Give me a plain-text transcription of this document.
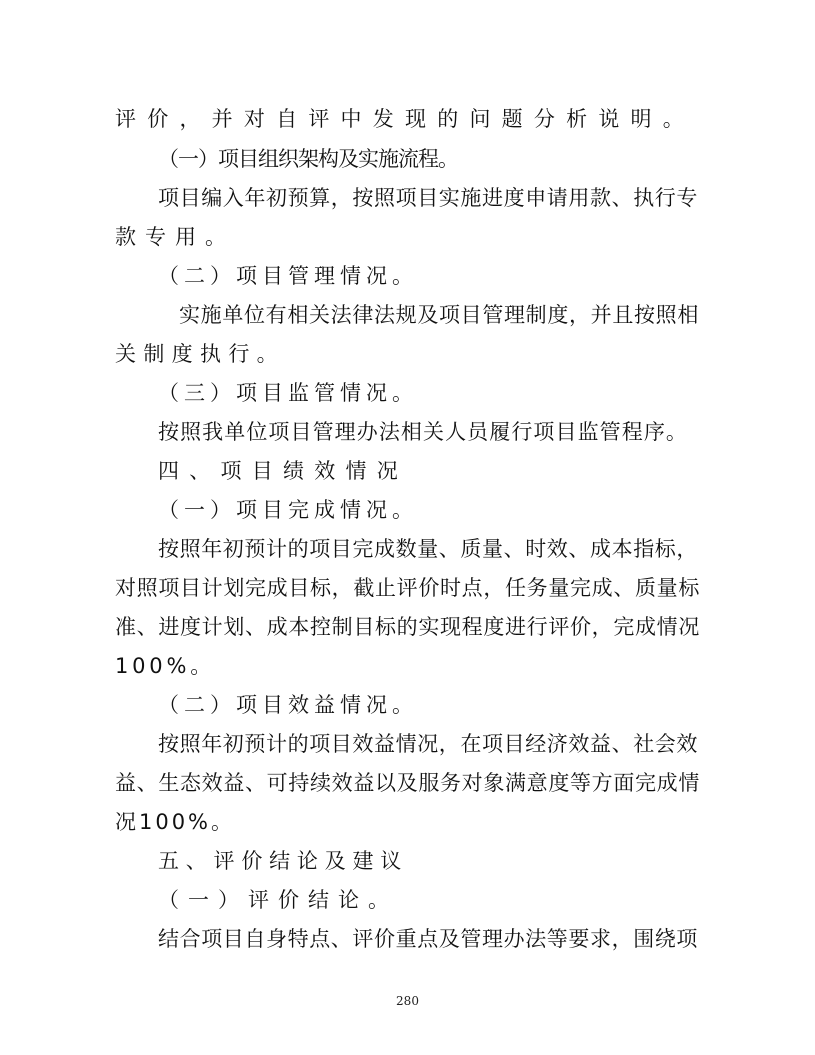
评价，并对自评中发现的问题分析说明。
（一）项目组织架构及实施流程。
项目编入年初预算，按照项目实施进度申请用款、执行专
款专用。
（二）项目管理情况。
实施单位有相关法律法规及项目管理制度，并且按照相
关制度执行。
（三）项目监管情况。
按照我单位项目管理办法相关人员履行项目监管程序。
四、项目绩效情况
（一）项目完成情况。
按照年初预计的项目完成数量、质量、时效、成本指标，
对照项目计划完成目标，截止评价时点，任务量完成、质量标
准、进度计划、成本控制目标的实现程度进行评价，完成情况
100%。
（二）项目效益情况。
按照年初预计的项目效益情况，在项目经济效益、社会效
益、生态效益、可持续效益以及服务对象满意度等方面完成情
况100%。
五、评价结论及建议
（一）评价结论。
结合项目自身特点、评价重点及管理办法等要求，围绕项
280
